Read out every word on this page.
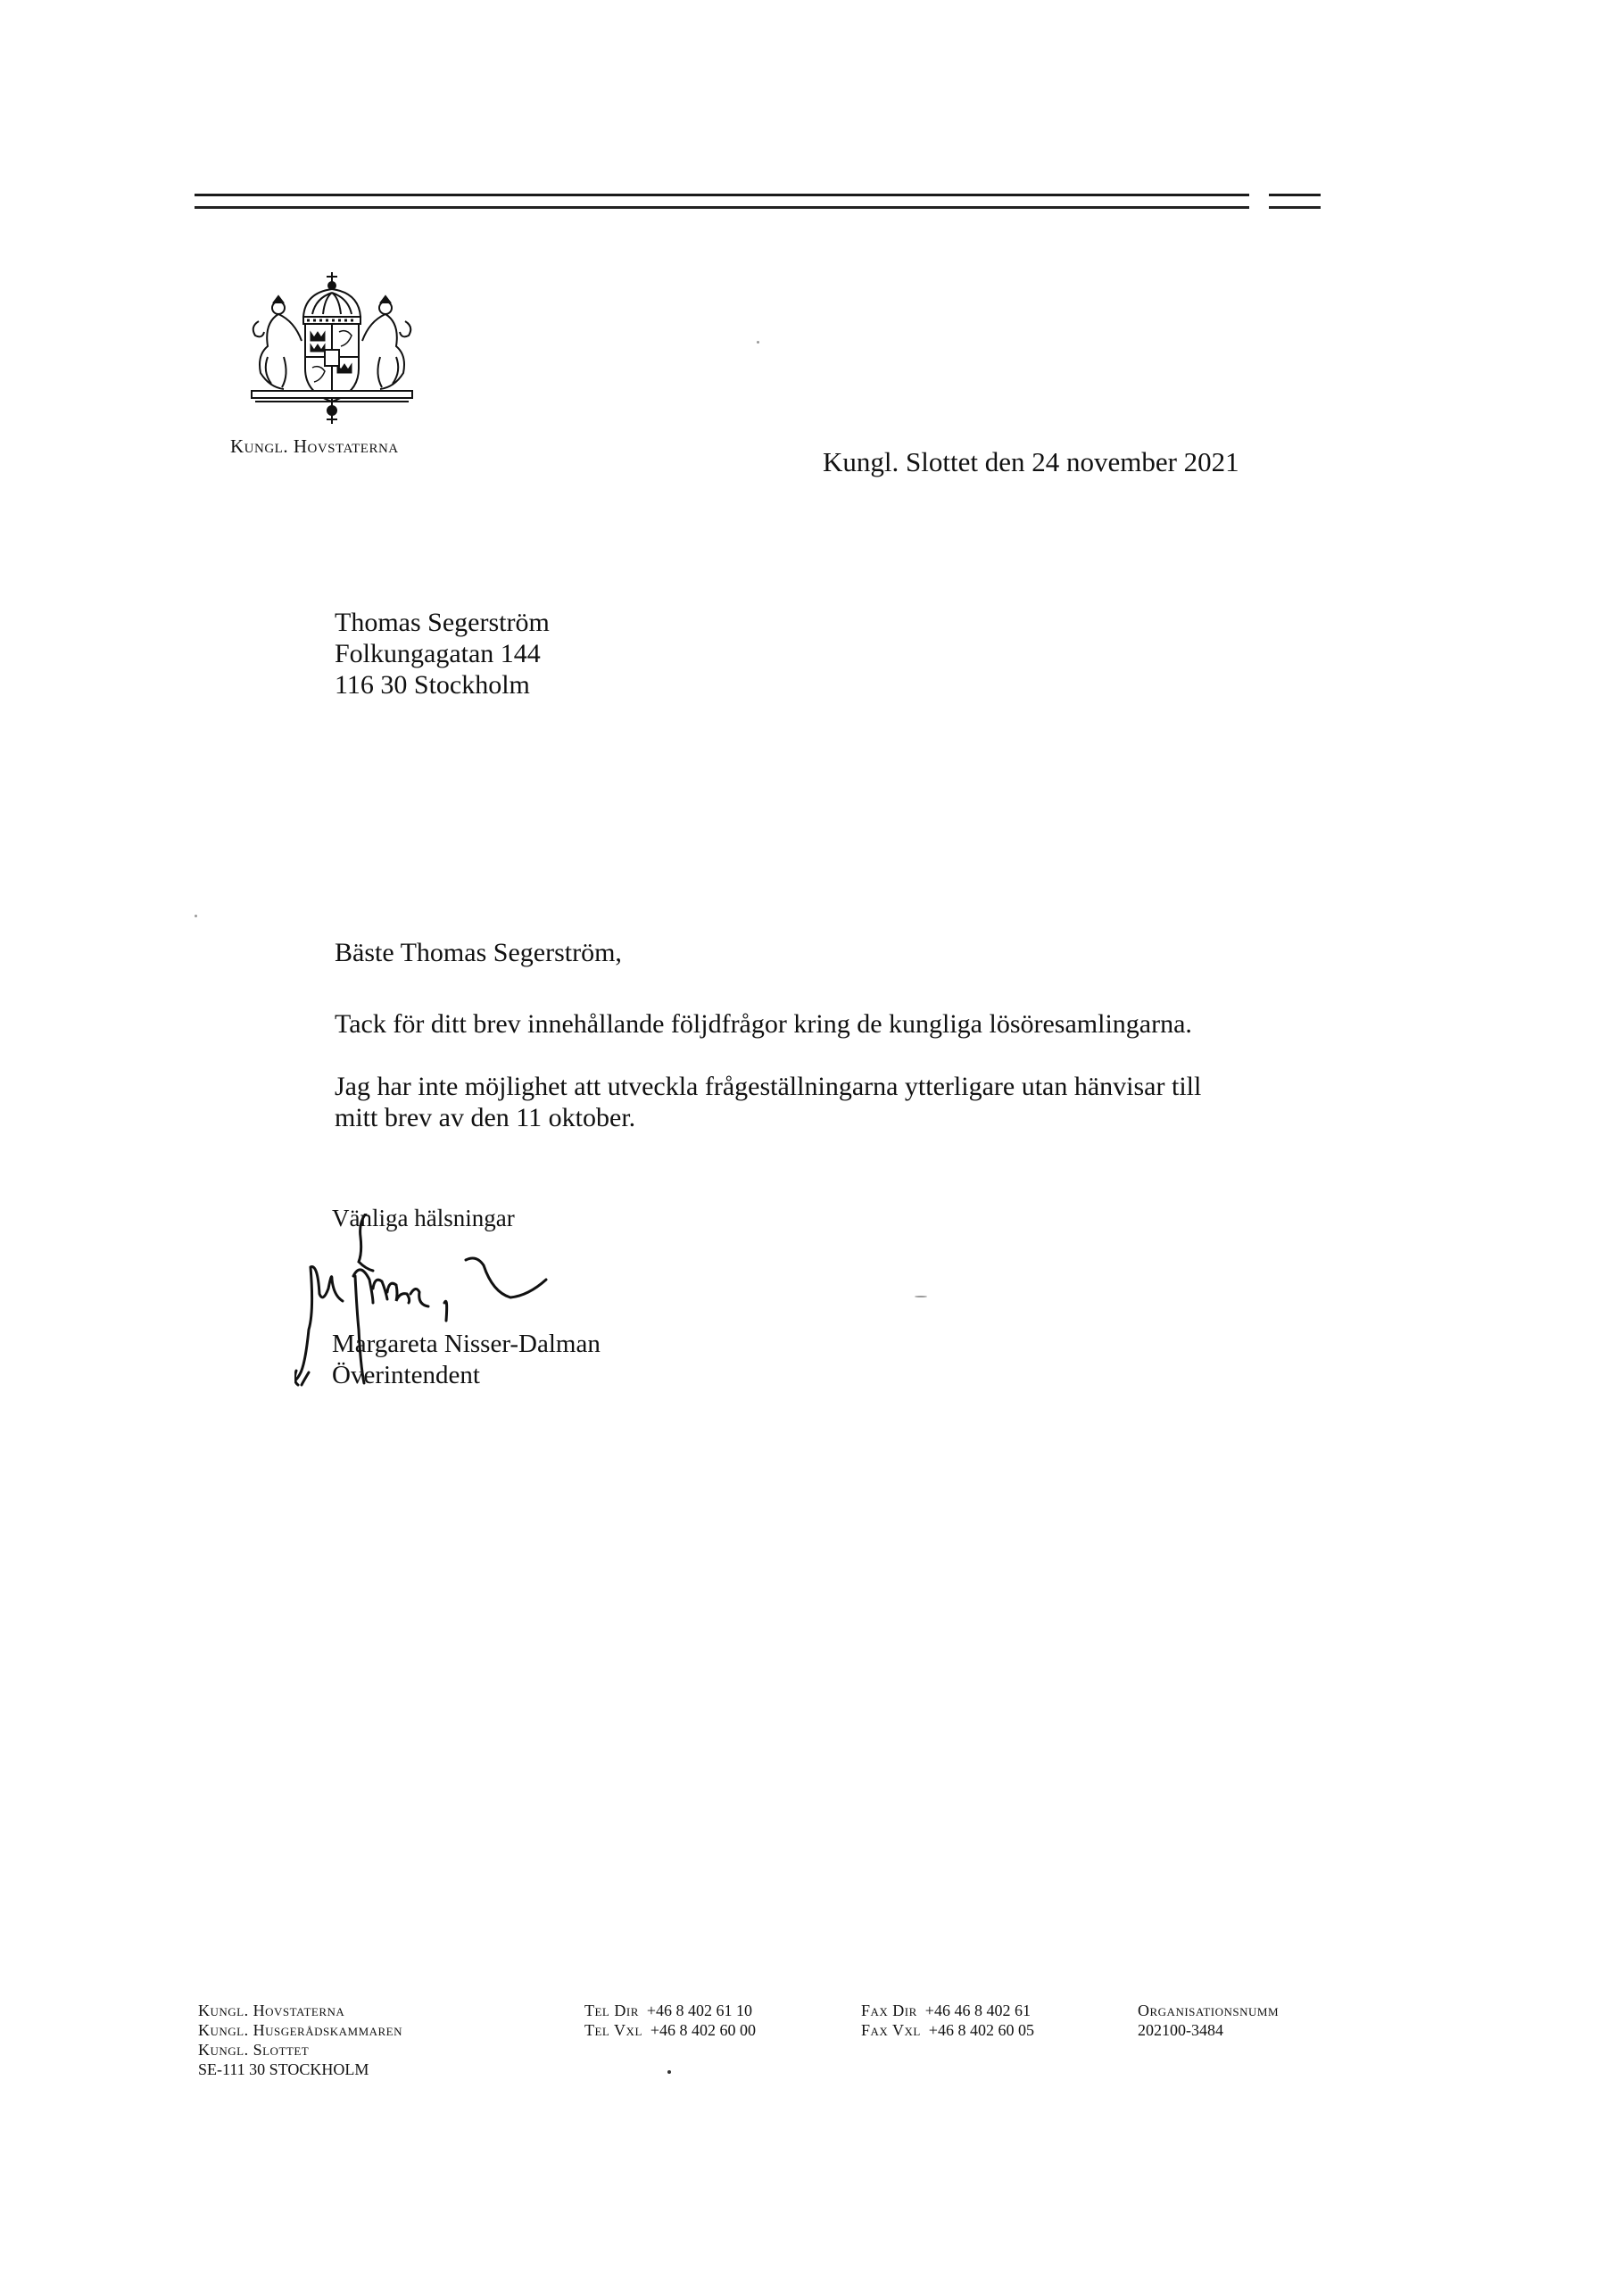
Kungl. Hovstaterna	Kungl. Slottet den 24 november 2021
Thomas Segerström
Folkungagatan 144
116 30 Stockholm
Bäste Thomas Segerström,
Tack för ditt brev innehållande följdfrågor kring de kungliga lösöresamlingarna.
Jag har inte möjlighet att utveckla frågeställningarna ytterligare utan hänvisar till
mitt brev av den 11 oktober.
Vänliga hälsningar
Margareta Nisser-Dalman
Överintendent
Kungl. Hovstaterna
Kungl. Husgerådskammaren
Kungl. Slottet
SE-111 30 STOCKHOLM
Tel Dir +46 8 402 61 10
Tel Vxl +46 8 402 60 00
Fax Dir +46 46 8 402 61
Fax Vxl +46 8 402 60 05
Organisationsnumm
202100-3484
